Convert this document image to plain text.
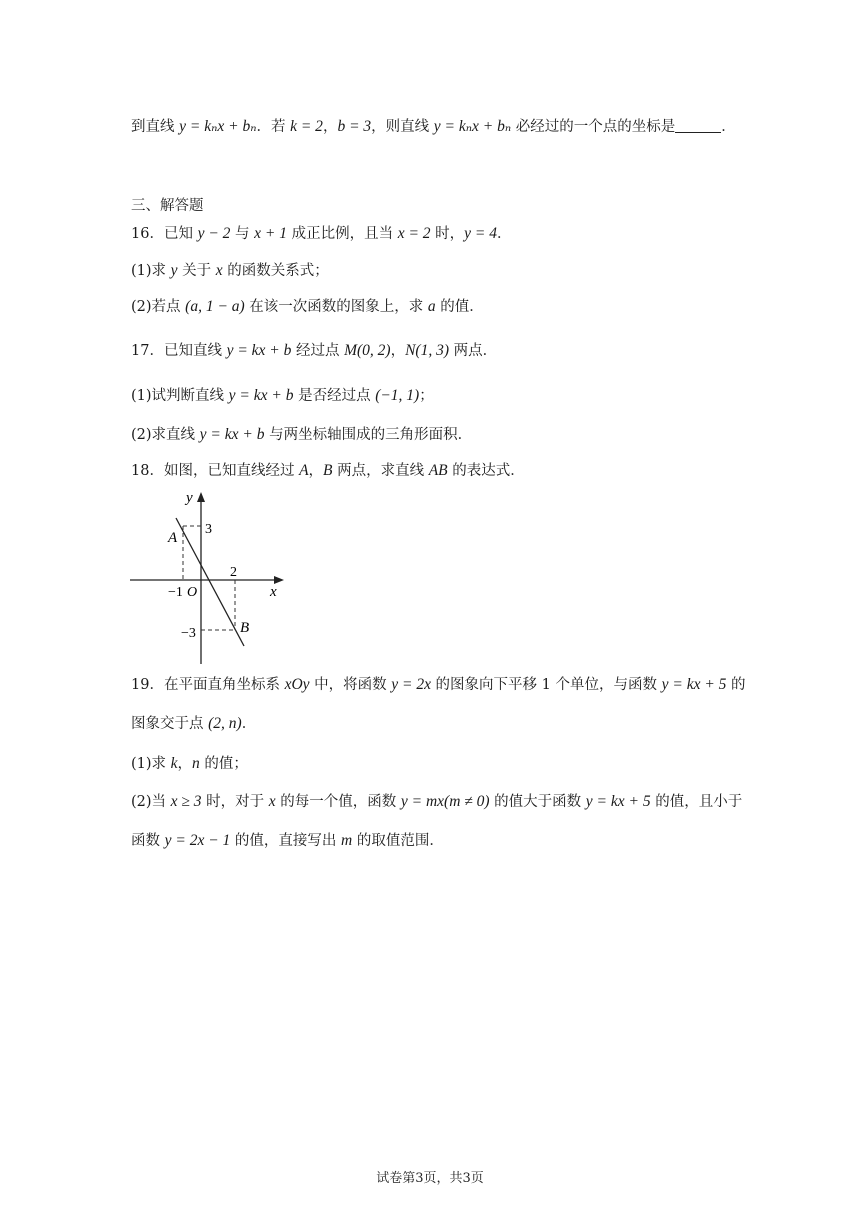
到直线 y = kₙx + bₙ．若 k = 2，b = 3，则直线 y = kₙx + bₙ 必经过的一个点的坐标是	．
三、解答题
16．已知 y − 2 与 x + 1 成正比例，且当 x = 2 时，y = 4．
(1)求 y 关于 x 的函数关系式；
(2)若点 (a, 1 − a) 在该一次函数的图象上，求 a 的值．
17．已知直线 y = kx + b 经过点 M(0, 2)，N(1, 3) 两点．
(1)试判断直线 y = kx + b 是否经过点 (−1, 1)；
(2)求直线 y = kx + b 与两坐标轴围成的三角形面积．
18．如图，已知直线经过 A，B 两点，求直线 AB 的表达式．
y
x
A
B
3
2
−1 O
−3
19．在平面直角坐标系 xOy 中，将函数 y = 2x 的图象向下平移 1 个单位，与函数 y = kx + 5 的
图象交于点 (2, n)．
(1)求 k，n 的值；
(2)当 x ≥ 3 时，对于 x 的每一个值，函数 y = mx(m ≠ 0) 的值大于函数 y = kx + 5 的值，且小于
函数 y = 2x − 1 的值，直接写出 m 的取值范围．
试卷第3页，共3页
